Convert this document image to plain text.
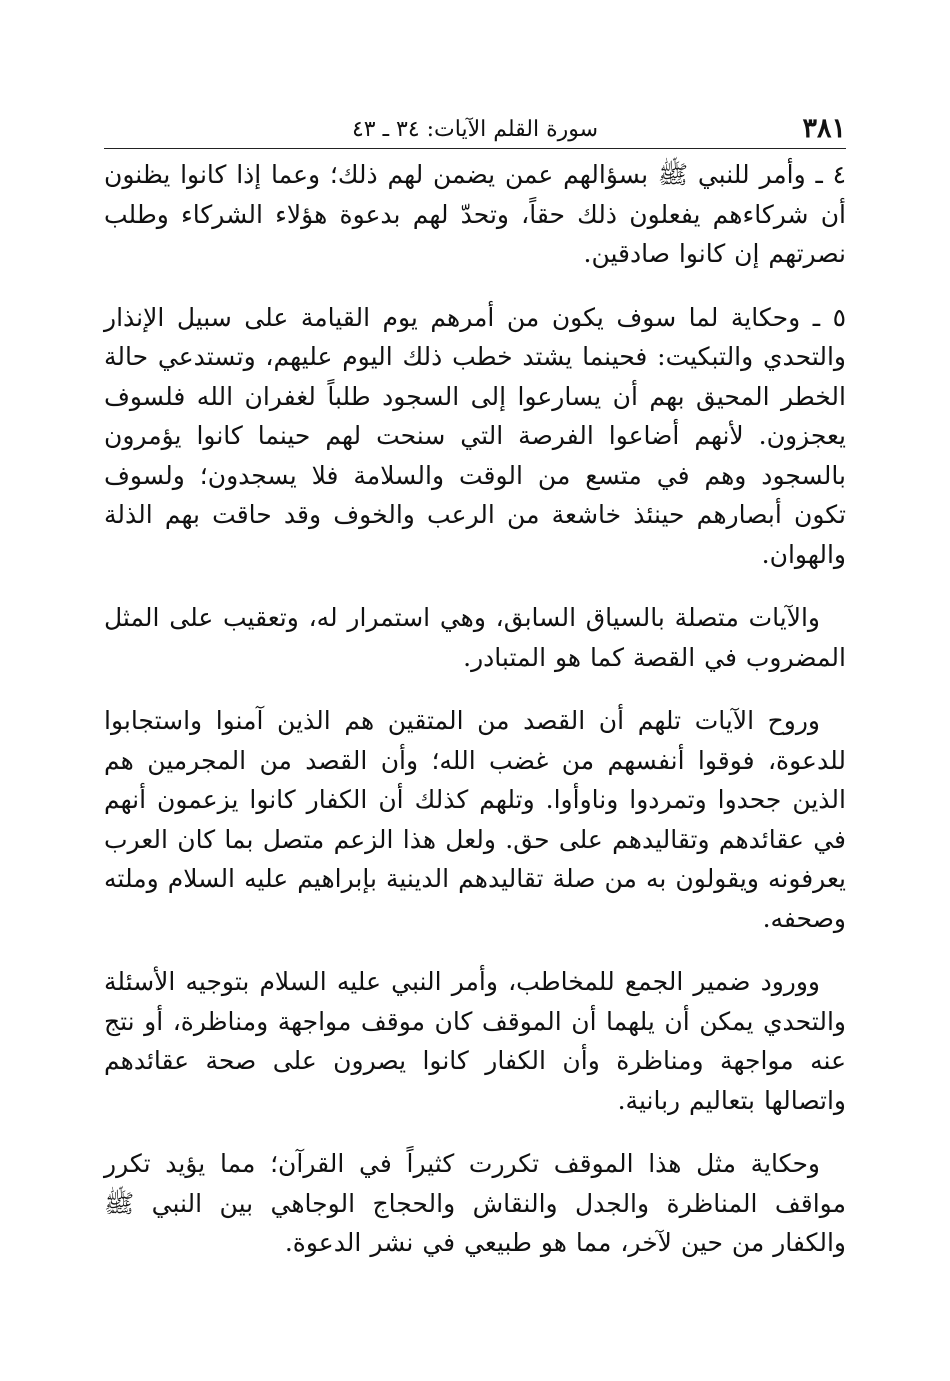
٣٨١
سورة القلم الآيات: ٣٤ ـ ٤٣

٤ ـ وأمر للنبي ﷺ بسؤالهم عمن يضمن لهم ذلك؛ وعما إذا كانوا يظنون أن شركاءهم يفعلون ذلك حقاً، وتحدّ لهم بدعوة هؤلاء الشركاء وطلب نصرتهم إن كانوا صادقين.

٥ ـ وحكاية لما سوف يكون من أمرهم يوم القيامة على سبيل الإنذار والتحدي والتبكيت: فحينما يشتد خطب ذلك اليوم عليهم، وتستدعي حالة الخطر المحيق بهم أن يسارعوا إلى السجود طلباً لغفران الله فلسوف يعجزون. لأنهم أضاعوا الفرصة التي سنحت لهم حينما كانوا يؤمرون بالسجود وهم في متسع من الوقت والسلامة فلا يسجدون؛ ولسوف تكون أبصارهم حينئذ خاشعة من الرعب والخوف وقد حاقت بهم الذلة والهوان.

والآيات متصلة بالسياق السابق، وهي استمرار له، وتعقيب على المثل المضروب في القصة كما هو المتبادر.

وروح الآيات تلهم أن القصد من المتقين هم الذين آمنوا واستجابوا للدعوة، فوقوا أنفسهم من غضب الله؛ وأن القصد من المجرمين هم الذين جحدوا وتمردوا وناوأوا. وتلهم كذلك أن الكفار كانوا يزعمون أنهم في عقائدهم وتقاليدهم على حق. ولعل هذا الزعم متصل بما كان العرب يعرفونه ويقولون به من صلة تقاليدهم الدينية بإبراهيم عليه السلام وملته وصحفه.

وورود ضمير الجمع للمخاطب، وأمر النبي عليه السلام بتوجيه الأسئلة والتحدي يمكن أن يلهما أن الموقف كان موقف مواجهة ومناظرة، أو نتج عنه مواجهة ومناظرة وأن الكفار كانوا يصرون على صحة عقائدهم واتصالها بتعاليم ربانية.

وحكاية مثل هذا الموقف تكررت كثيراً في القرآن؛ مما يؤيد تكرر مواقف المناظرة والجدل والنقاش والحجاج الوجاهي بين النبي ﷺ والكفار من حين لآخر، مما هو طبيعي في نشر الدعوة.
